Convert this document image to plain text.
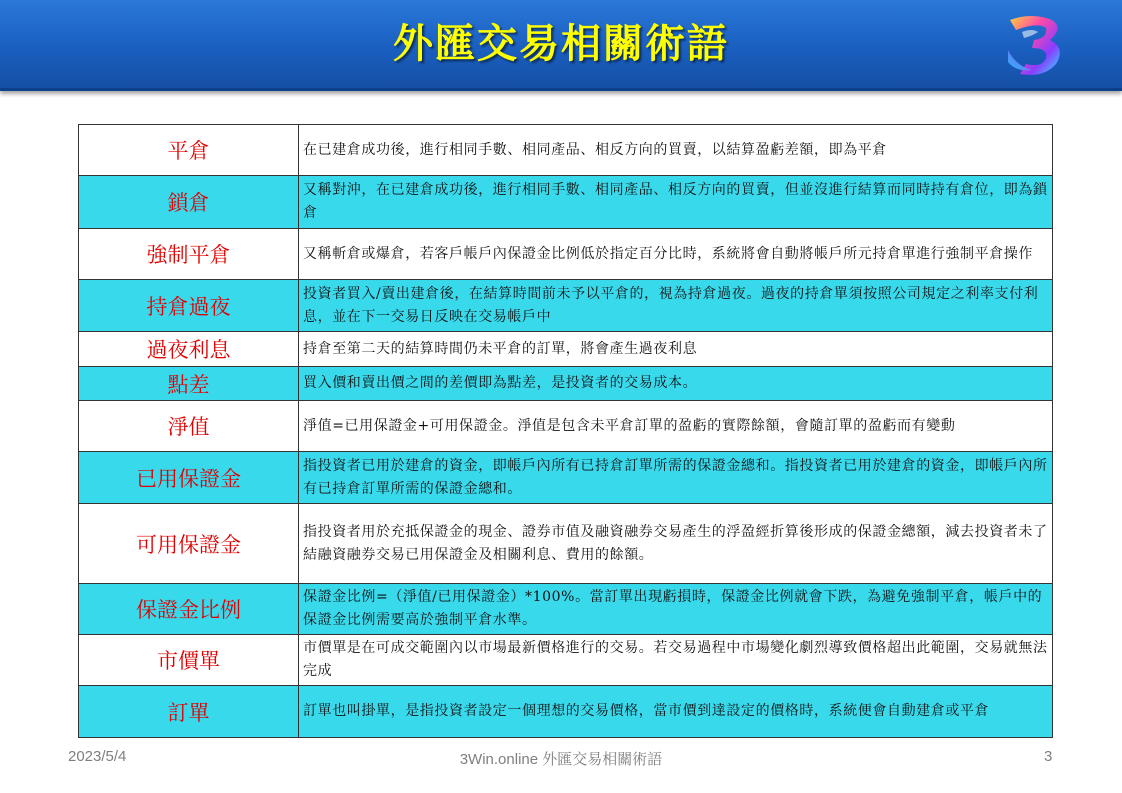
外匯交易相關術語
平倉	在已建倉成功後，進行相同手數、相同產品、相反方向的買賣，以結算盈虧差額，即為平倉
鎖倉	又稱對沖，在已建倉成功後，進行相同手數、相同產品、相反方向的買賣，但並沒進行結算而同時持有倉位，即為鎖倉
強制平倉	又稱斬倉或爆倉，若客戶帳戶內保證金比例低於指定百分比時，系統將會自動將帳戶所元持倉單進行強制平倉操作
持倉過夜	投資者買入/賣出建倉後，在結算時間前未予以平倉的，視為持倉過夜。過夜的持倉單須按照公司規定之利率支付利息，並在下一交易日反映在交易帳戶中
過夜利息	持倉至第二天的結算時間仍未平倉的訂單，將會產生過夜利息
點差	買入價和賣出價之間的差價即為點差，是投資者的交易成本。
淨值	淨值=已用保證金+可用保證金。淨值是包含未平倉訂單的盈虧的實際餘額，會隨訂單的盈虧而有變動
已用保證金	指投資者已用於建倉的資金，即帳戶內所有已持倉訂單所需的保證金總和。指投資者已用於建倉的資金，即帳戶內所有已持倉訂單所需的保證金總和。
可用保證金	指投資者用於充抵保證金的現金、證券市值及融資融券交易產生的浮盈經折算後形成的保證金總額，減去投資者未了結融資融券交易已用保證金及相關利息、費用的餘額。
保證金比例	保證金比例=（淨值/已用保證金）*100%。當訂單出現虧損時，保證金比例就會下跌，為避免強制平倉，帳戶中的保證金比例需要高於強制平倉水準。
市價單	市價單是在可成交範圍內以市場最新價格進行的交易。若交易過程中市場變化劇烈導致價格超出此範圍，交易就無法完成
訂單	訂單也叫掛單，是指投資者設定一個理想的交易價格，當市價到達設定的價格時，系統便會自動建倉或平倉
2023/5/4	3Win.online 外匯交易相關術語	3
